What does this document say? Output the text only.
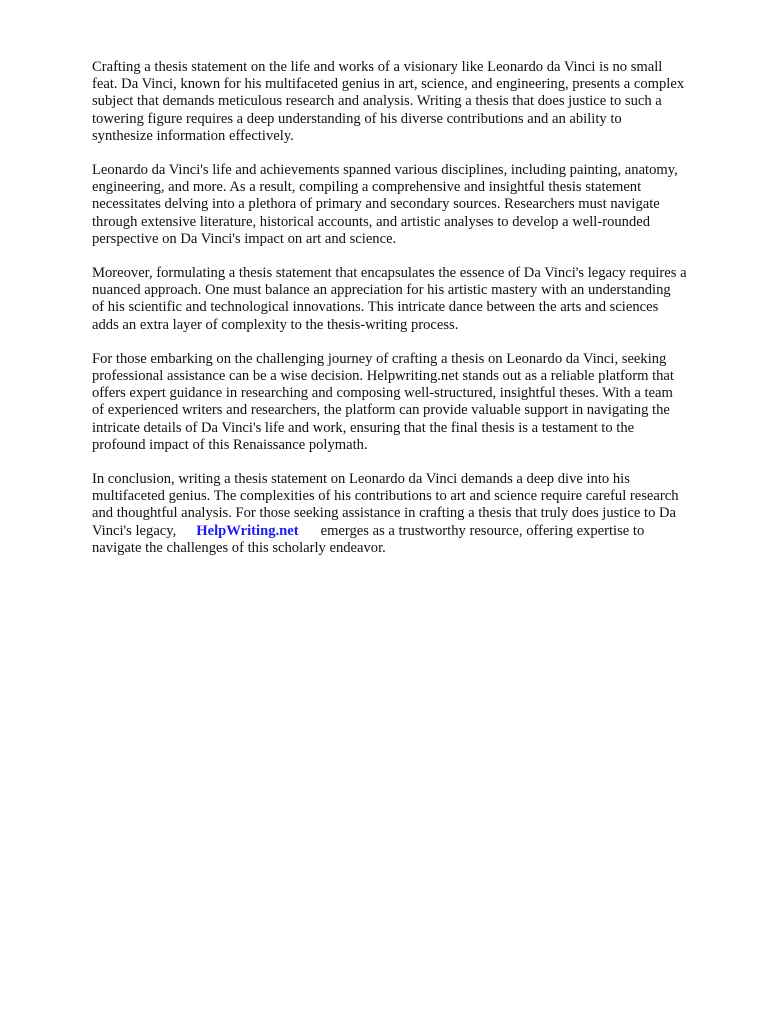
Crafting a thesis statement on the life and works of a visionary like Leonardo da Vinci is no small
feat. Da Vinci, known for his multifaceted genius in art, science, and engineering, presents a complex
subject that demands meticulous research and analysis. Writing a thesis that does justice to such a
towering figure requires a deep understanding of his diverse contributions and an ability to
synthesize information effectively.

Leonardo da Vinci's life and achievements spanned various disciplines, including painting, anatomy,
engineering, and more. As a result, compiling a comprehensive and insightful thesis statement
necessitates delving into a plethora of primary and secondary sources. Researchers must navigate
through extensive literature, historical accounts, and artistic analyses to develop a well-rounded
perspective on Da Vinci's impact on art and science.

Moreover, formulating a thesis statement that encapsulates the essence of Da Vinci's legacy requires a
nuanced approach. One must balance an appreciation for his artistic mastery with an understanding
of his scientific and technological innovations. This intricate dance between the arts and sciences
adds an extra layer of complexity to the thesis-writing process.

For those embarking on the challenging journey of crafting a thesis on Leonardo da Vinci, seeking
professional assistance can be a wise decision. Helpwriting.net stands out as a reliable platform that
offers expert guidance in researching and composing well-structured, insightful theses. With a team
of experienced writers and researchers, the platform can provide valuable support in navigating the
intricate details of Da Vinci's life and work, ensuring that the final thesis is a testament to the
profound impact of this Renaissance polymath.

In conclusion, writing a thesis statement on Leonardo da Vinci demands a deep dive into his
multifaceted genius. The complexities of his contributions to art and science require careful research
and thoughtful analysis. For those seeking assistance in crafting a thesis that truly does justice to Da
Vinci's legacy, HelpWriting.net emerges as a trustworthy resource, offering expertise to
navigate the challenges of this scholarly endeavor.
